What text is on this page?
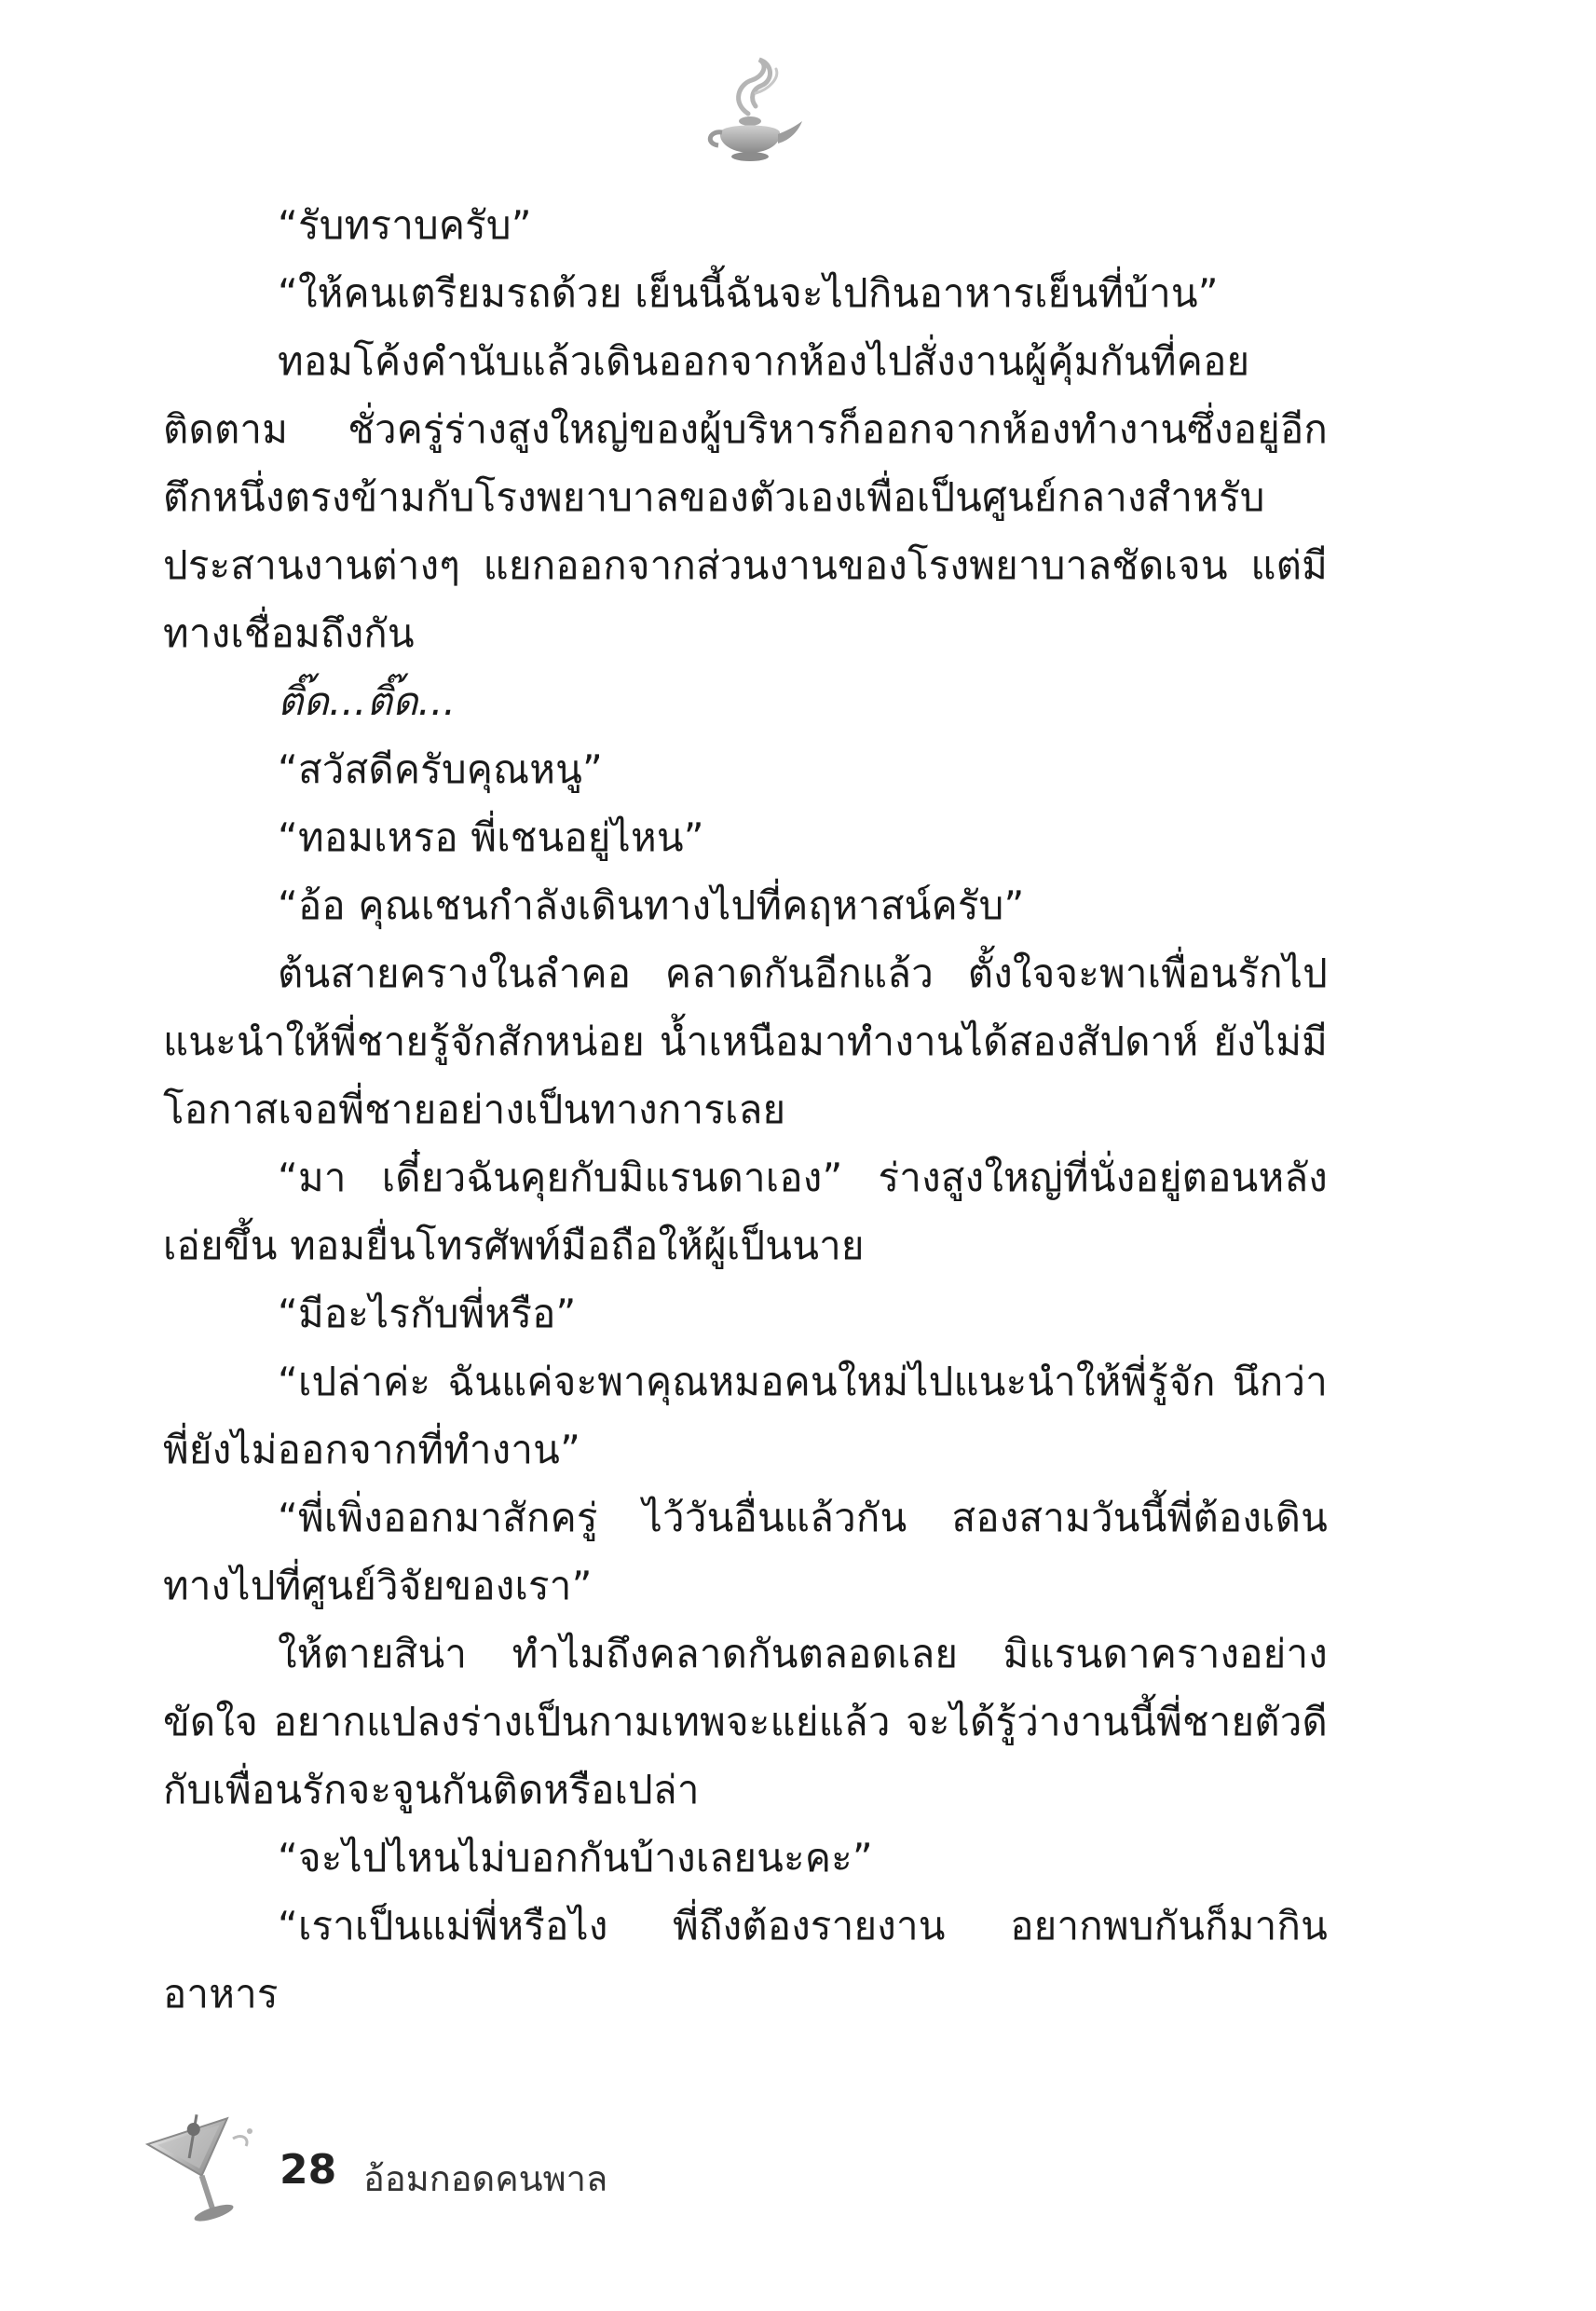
“รับทราบครับ”

“ให้คนเตรียมรถด้วย เย็นนี้ฉันจะไปกินอาหารเย็นที่บ้าน”

ทอมโค้งคำนับแล้วเดินออกจากห้องไปสั่งงานผู้คุ้มกันที่คอยติดตาม ชั่วครู่ร่างสูงใหญ่ของผู้บริหารก็ออกจากห้องทำงานซึ่งอยู่อีกตึกหนึ่งตรงข้ามกับโรงพยาบาลของตัวเองเพื่อเป็นศูนย์กลางสำหรับประสานงานต่างๆ แยกออกจากส่วนงานของโรงพยาบาลชัดเจน แต่มีทางเชื่อมถึงกัน

ติ๊ด...ติ๊ด...

“สวัสดีครับคุณหนู”

“ทอมเหรอ พี่เชนอยู่ไหน”

“อ้อ คุณเชนกำลังเดินทางไปที่คฤหาสน์ครับ”

ต้นสายครางในลำคอ คลาดกันอีกแล้ว ตั้งใจจะพาเพื่อนรักไปแนะนำให้พี่ชายรู้จักสักหน่อย น้ำเหนือมาทำงานได้สองสัปดาห์ ยังไม่มีโอกาสเจอพี่ชายอย่างเป็นทางการเลย

“มา เดี๋ยวฉันคุยกับมิแรนดาเอง” ร่างสูงใหญ่ที่นั่งอยู่ตอนหลังเอ่ยขึ้น ทอมยื่นโทรศัพท์มือถือให้ผู้เป็นนาย

“มีอะไรกับพี่หรือ”

“เปล่าค่ะ ฉันแค่จะพาคุณหมอคนใหม่ไปแนะนำให้พี่รู้จัก นึกว่าพี่ยังไม่ออกจากที่ทำงาน”

“พี่เพิ่งออกมาสักครู่ ไว้วันอื่นแล้วกัน สองสามวันนี้พี่ต้องเดินทางไปที่ศูนย์วิจัยของเรา”

ให้ตายสิน่า ทำไมถึงคลาดกันตลอดเลย มิแรนดาครางอย่างขัดใจ อยากแปลงร่างเป็นกามเทพจะแย่แล้ว จะได้รู้ว่างานนี้พี่ชายตัวดีกับเพื่อนรักจะจูนกันติดหรือเปล่า

“จะไปไหนไม่บอกกันบ้างเลยนะคะ”

“เราเป็นแม่พี่หรือไง พี่ถึงต้องรายงาน อยากพบกันก็มากินอาหาร

28 อ้อมกอดคนพาล
